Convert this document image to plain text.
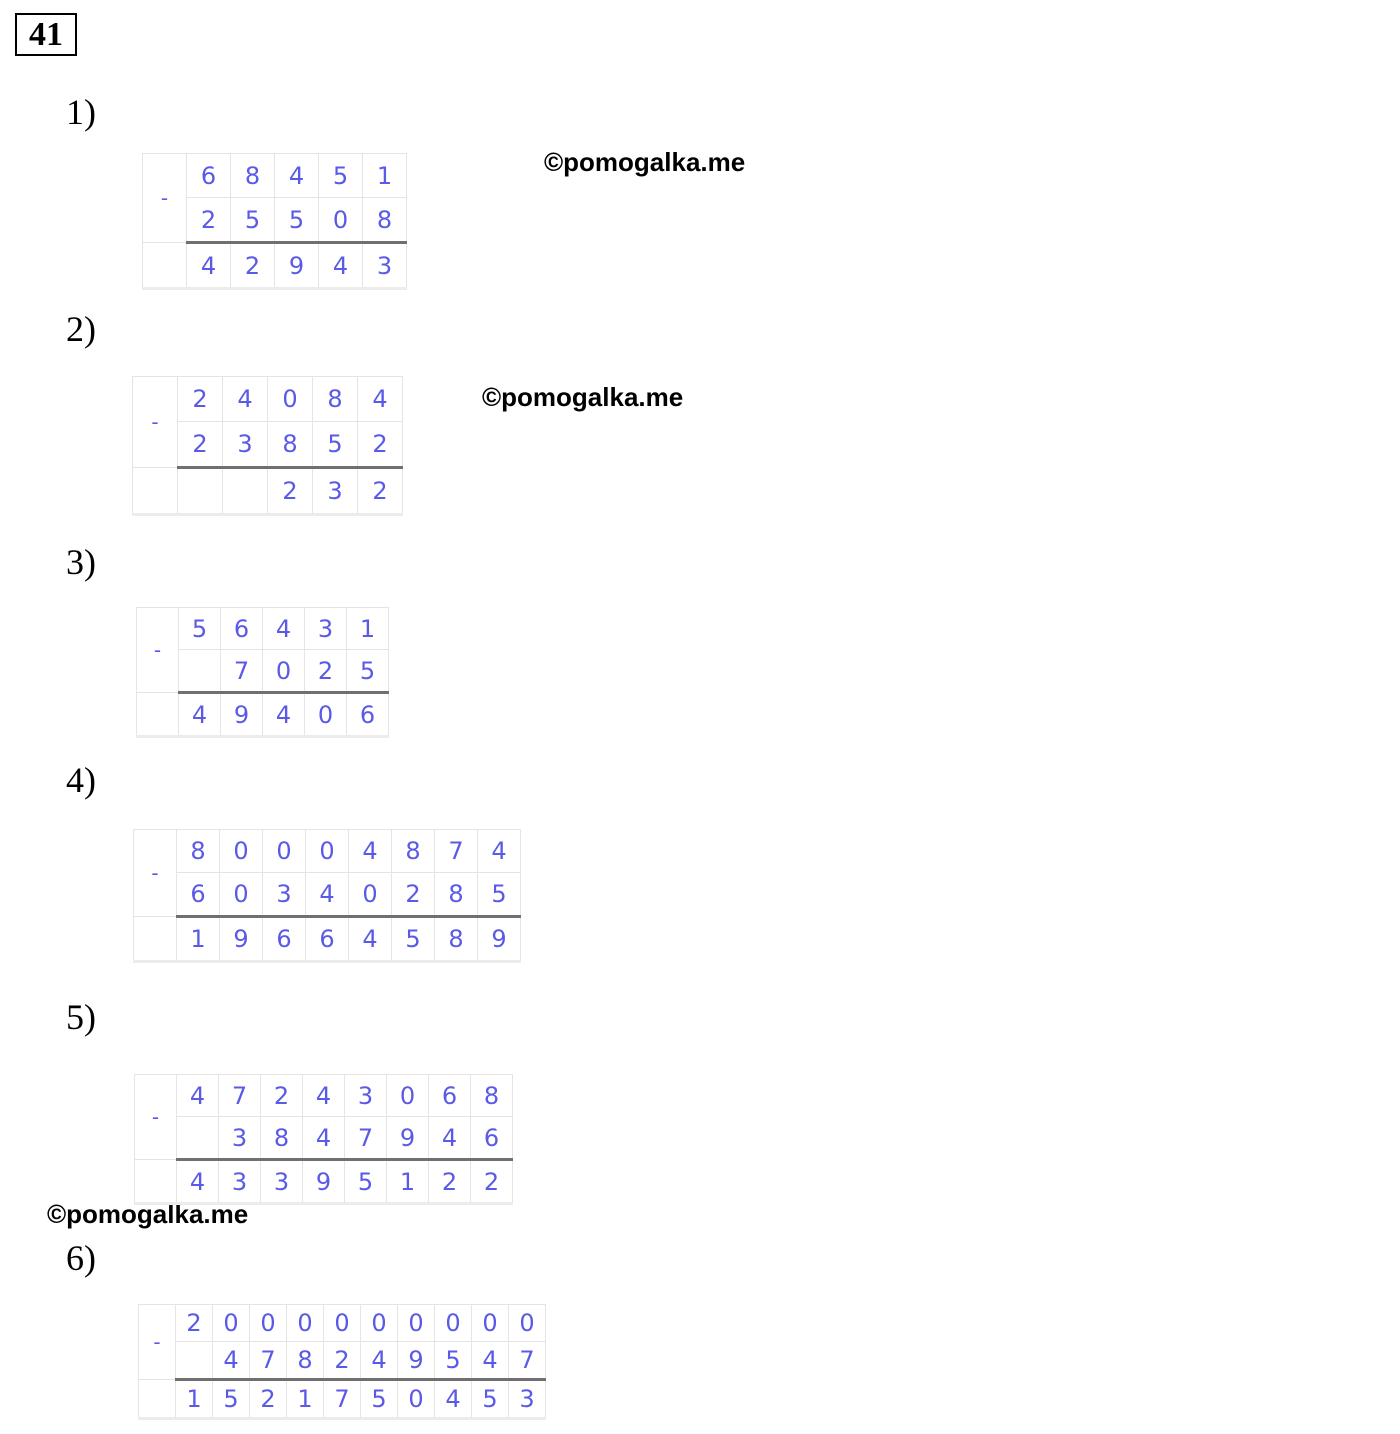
41
1)
2)
3)
4)
5)
6)
©pomogalka.me
©pomogalka.me
©pomogalka.me
-	6	8	4	5	1
	2	5	5	0	8
	4	2	9	4	3
-	2	4	0	8	4
	2	3	8	5	2
			2	3	2
-	5	6	4	3	1
		7	0	2	5
	4	9	4	0	6
-	8	0	0	0	4	8	7	4
	6	0	3	4	0	2	8	5
	1	9	6	6	4	5	8	9
-	4	7	2	4	3	0	6	8
		3	8	4	7	9	4	6
	4	3	3	9	5	1	2	2
-	2	0	0	0	0	0	0	0	0	0
		4	7	8	2	4	9	5	4	7
	1	5	2	1	7	5	0	4	5	3
